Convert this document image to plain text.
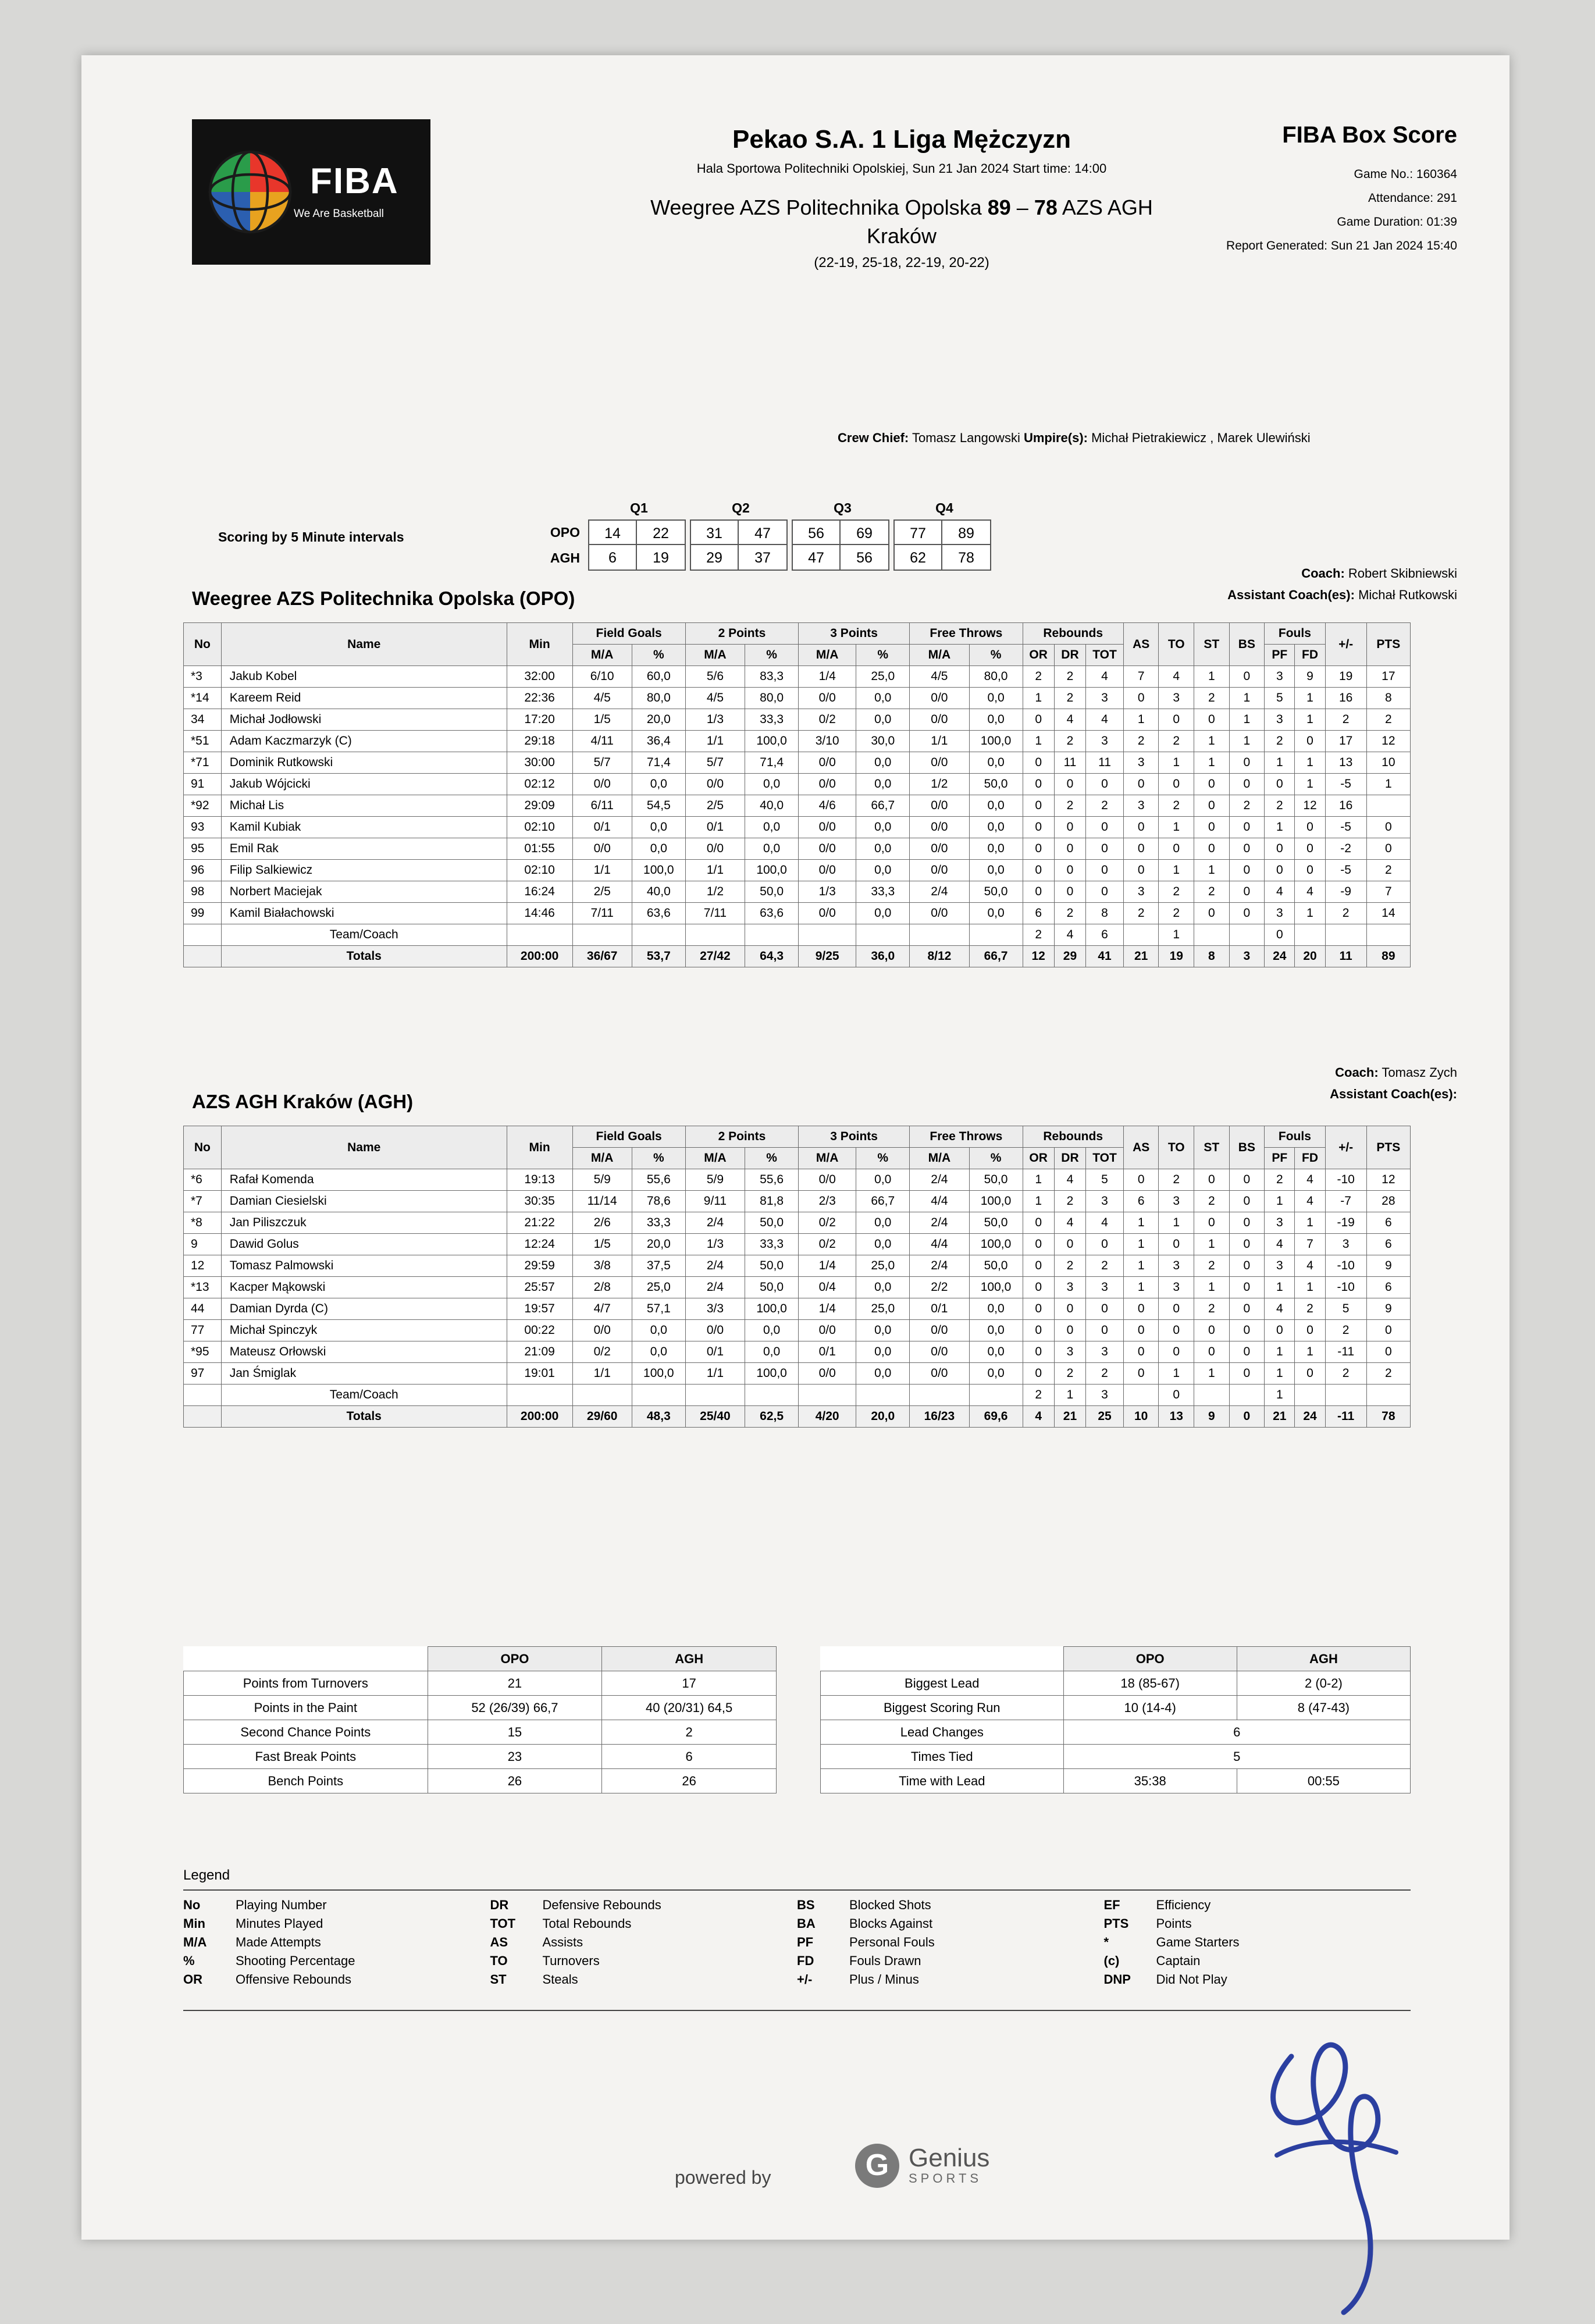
FIBA
We Are Basketball
Pekao S.A. 1 Liga Mężczyzn
Hala Sportowa Politechniki Opolskiej, Sun 21 Jan 2024 Start time: 14:00
Weegree AZS Politechnika Opolska 89 – 78 AZS AGH
Kraków
(22-19, 25-18, 22-19, 20-22)
FIBA Box Score
Game No.: 160364
Attendance: 291
Game Duration: 01:39
Report Generated: Sun 21 Jan 2024 15:40
Crew Chief: Tomasz Langowski Umpire(s): Michał Pietrakiewicz , Marek Ulewiński
Scoring by 5 Minute intervals
Q1	Q2	Q3	Q4
OPO	14	22	31	47	56	69	77	89
AGH	6	19	29	37	47	56	62	78
Weegree AZS Politechnika Opolska (OPO)
Coach: Robert Skibniewski
Assistant Coach(es): Michał Rutkowski
No	Name	Min	Field Goals		2 Points		3 Points		Free Throws		Rebounds			AS	TO	ST	BS	Fouls		+/-	PTS
			M/A	%	M/A	%	M/A	%	M/A	%	OR	DR	TOT					PF	FD		
*3	Jakub Kobel	32:00	6/10	60,0	5/6	83,3	1/4	25,0	4/5	80,0	2	2	4	7	4	1	0	3	9	19	17
*14	Kareem Reid	22:36	4/5	80,0	4/5	80,0	0/0	0,0	0/0	0,0	1	2	3	0	3	2	1	5	1	16	8
34	Michał Jodłowski	17:20	1/5	20,0	1/3	33,3	0/2	0,0	0/0	0,0	0	4	4	1	0	0	1	3	1	2	2
*51	Adam Kaczmarzyk (C)	29:18	4/11	36,4	1/1	100,0	3/10	30,0	1/1	100,0	1	2	3	2	2	1	1	2	0	17	12
*71	Dominik Rutkowski	30:00	5/7	71,4	5/7	71,4	0/0	0,0	0/0	0,0	0	11	11	3	1	1	0	1	1	13	10
91	Jakub Wójcicki	02:12	0/0	0,0	0/0	0,0	0/0	0,0	1/2	50,0	0	0	0	0	0	0	0	0	1	-5	1
*92	Michał Lis	29:09	6/11	54,5	2/5	40,0	4/6	66,7	0/0	0,0	0	2	2	3	2	0	2	2	12	16	
93	Kamil Kubiak	02:10	0/1	0,0	0/1	0,0	0/0	0,0	0/0	0,0	0	0	0	0	1	0	0	1	0	-5	0
95	Emil Rak	01:55	0/0	0,0	0/0	0,0	0/0	0,0	0/0	0,0	0	0	0	0	0	0	0	0	0	-2	0
96	Filip Salkiewicz	02:10	1/1	100,0	1/1	100,0	0/0	0,0	0/0	0,0	0	0	0	0	1	1	0	0	0	-5	2
98	Norbert Maciejak	16:24	2/5	40,0	1/2	50,0	1/3	33,3	2/4	50,0	0	0	0	3	2	2	0	4	4	-9	7
99	Kamil Białachowski	14:46	7/11	63,6	7/11	63,6	0/0	0,0	0/0	0,0	6	2	8	2	2	0	0	3	1	2	14
	Team/Coach										2	4	6		1			0			
	Totals	200:00	36/67	53,7	27/42	64,3	9/25	36,0	8/12	66,7	12	29	41	21	19	8	3	24	20	11	89
AZS AGH Kraków (AGH)
Coach: Tomasz Zych
Assistant Coach(es):
No	Name	Min	Field Goals		2 Points		3 Points		Free Throws		Rebounds			AS	TO	ST	BS	Fouls		+/-	PTS
			M/A	%	M/A	%	M/A	%	M/A	%	OR	DR	TOT					PF	FD		
*6	Rafał Komenda	19:13	5/9	55,6	5/9	55,6	0/0	0,0	2/4	50,0	1	4	5	0	2	0	0	2	4	-10	12
*7	Damian Ciesielski	30:35	11/14	78,6	9/11	81,8	2/3	66,7	4/4	100,0	1	2	3	6	3	2	0	1	4	-7	28
*8	Jan Piliszczuk	21:22	2/6	33,3	2/4	50,0	0/2	0,0	2/4	50,0	0	4	4	1	1	0	0	3	1	-19	6
9	Dawid Golus	12:24	1/5	20,0	1/3	33,3	0/2	0,0	4/4	100,0	0	0	0	1	0	1	0	4	7	3	6
12	Tomasz Palmowski	29:59	3/8	37,5	2/4	50,0	1/4	25,0	2/4	50,0	0	2	2	1	3	2	0	3	4	-10	9
*13	Kacper Mąkowski	25:57	2/8	25,0	2/4	50,0	0/4	0,0	2/2	100,0	0	3	3	1	3	1	0	1	1	-10	6
44	Damian Dyrda (C)	19:57	4/7	57,1	3/3	100,0	1/4	25,0	0/1	0,0	0	0	0	0	0	2	0	4	2	5	9
77	Michał Spinczyk	00:22	0/0	0,0	0/0	0,0	0/0	0,0	0/0	0,0	0	0	0	0	0	0	0	0	0	2	0
*95	Mateusz Orłowski	21:09	0/2	0,0	0/1	0,0	0/1	0,0	0/0	0,0	0	3	3	0	0	0	0	1	1	-11	0
97	Jan Śmiglak	19:01	1/1	100,0	1/1	100,0	0/0	0,0	0/0	0,0	0	2	2	0	1	1	0	1	0	2	2
	Team/Coach										2	1	3		0			1			
	Totals	200:00	29/60	48,3	25/40	62,5	4/20	20,0	16/23	69,6	4	21	25	10	13	9	0	21	24	-11	78
	OPO	AGH
Points from Turnovers	21	17
Points in the Paint	52 (26/39) 66,7	40 (20/31) 64,5
Second Chance Points	15	2
Fast Break Points	23	6
Bench Points	26	26
	OPO	AGH
Biggest Lead	18 (85-67)	2 (0-2)
Biggest Scoring Run	10 (14-4)	8 (47-43)
Lead Changes	6	
Times Tied	5	
Time with Lead	35:38	00:55
Legend
No	Playing Number	DR	Defensive Rebounds	BS	Blocked Shots	EF	Efficiency
Min	Minutes Played	TOT	Total Rebounds	BA	Blocks Against	PTS	Points
M/A	Made Attempts	AS	Assists	PF	Personal Fouls	*	Game Starters
%	Shooting Percentage	TO	Turnovers	FD	Fouls Drawn	(c)	Captain
OR	Offensive Rebounds	ST	Steals	+/-	Plus / Minus	DNP	Did Not Play
powered by	G Genius
SPORTS
